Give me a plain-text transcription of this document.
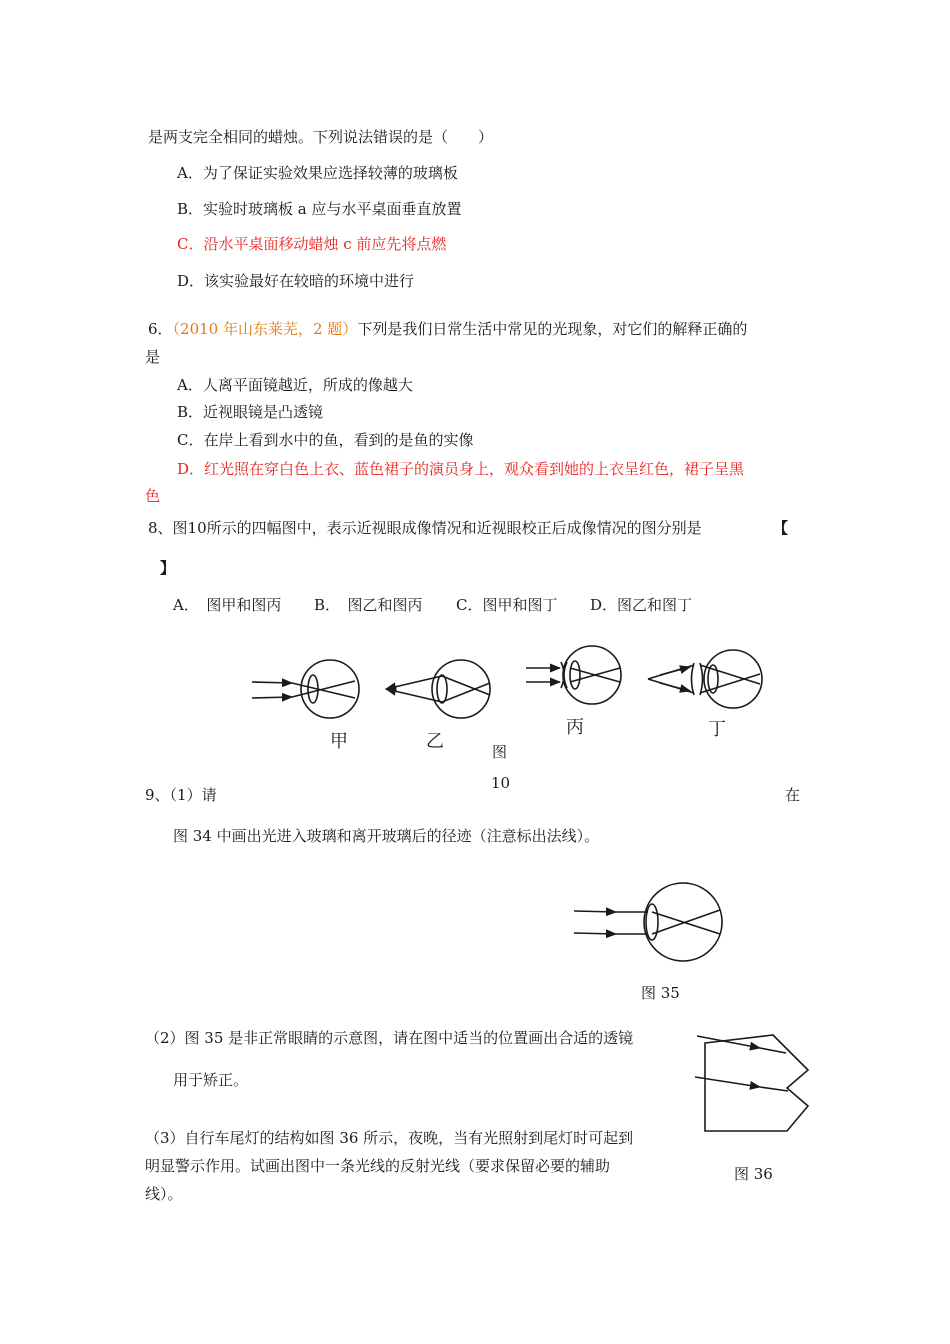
是两支完全相同的蜡烛。下列说法错误的是（　　）
A．为了保证实验效果应选择较薄的玻璃板
B．实验时玻璃板 a 应与水平桌面垂直放置
C．沿水平桌面移动蜡烛 c 前应先将点燃
D．该实验最好在较暗的环境中进行
6．（2010 年山东莱芜，2 题）下列是我们日常生活中常见的光现象，对它们的解释正确的
是
A．人离平面镜越近，所成的像越大
B．近视眼镜是凸透镜
C．在岸上看到水中的鱼，看到的是鱼的实像
D．红光照在穿白色上衣、蓝色裙子的演员身上，观众看到她的上衣呈红色，裙子呈黑
色
8、图10所示的四幅图中，表示近视眼成像情况和近视眼校正后成像情况的图分别是	【
】
A．　图甲和图丙 B．　图乙和图丙 C．图甲和图丁 D．图乙和图丁
甲	乙
丙	丁
图
10
9、（1）请	在
图 34 中画出光进入玻璃和离开玻璃后的径迹（注意标出法线）。
图 35
（2）图 35 是非正常眼睛的示意图，请在图中适当的位置画出合适的透镜
用于矫正。
（3）自行车尾灯的结构如图 36 所示，夜晚，当有光照射到尾灯时可起到
明显警示作用。试画出图中一条光线的反射光线（要求保留必要的辅助
线）。
图 36
